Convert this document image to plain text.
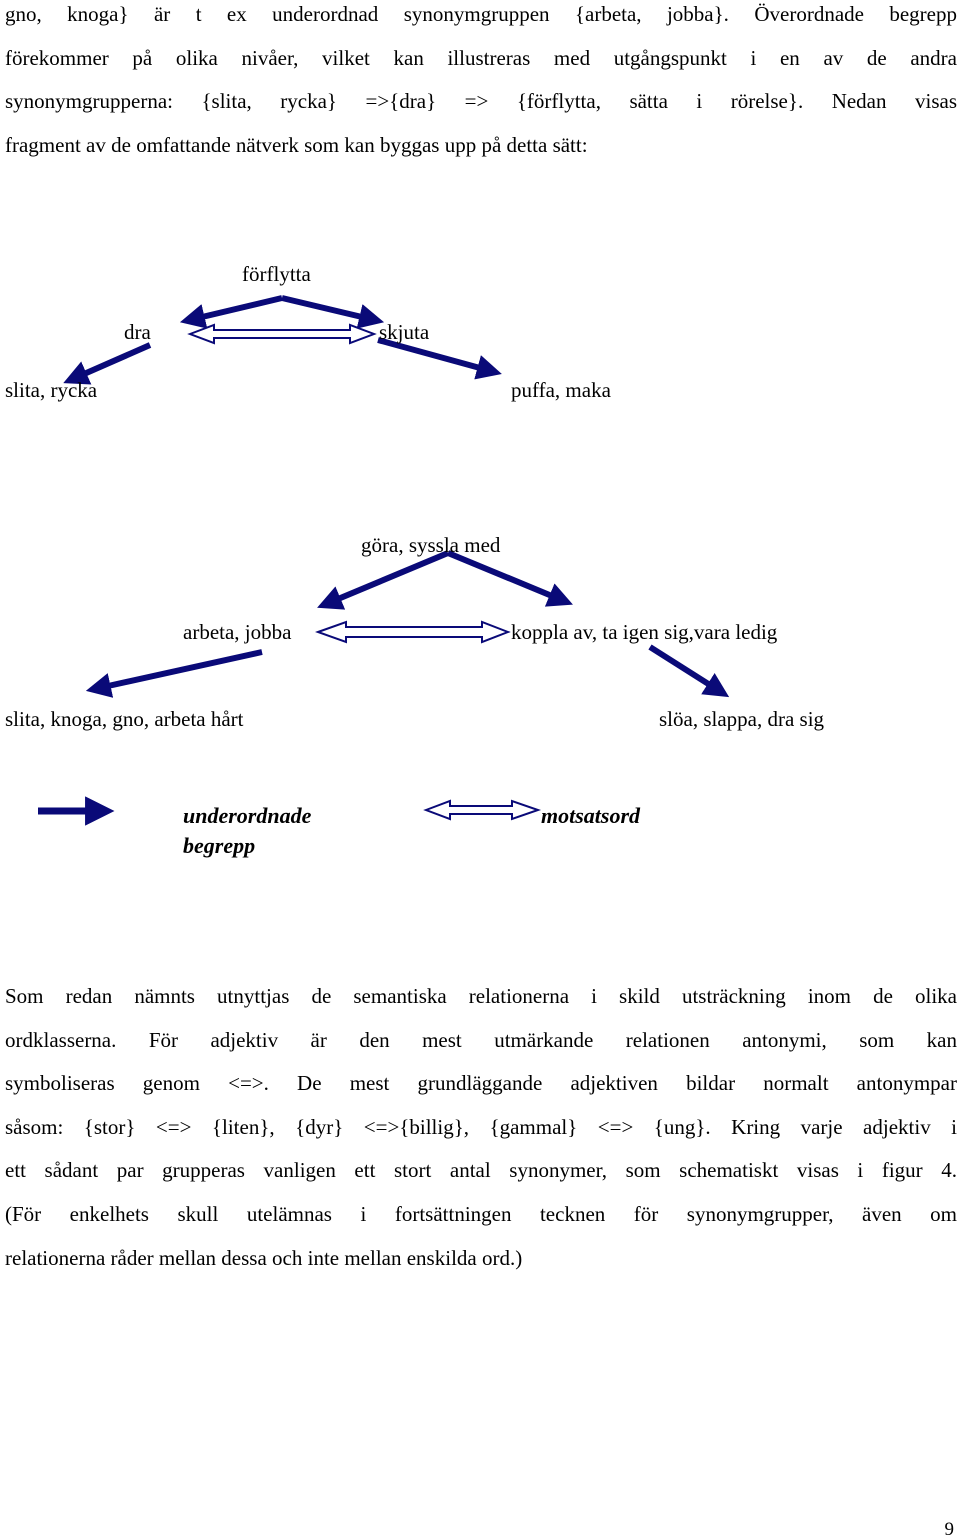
gno, knoga} är t ex underordnad synonymgruppen {arbeta, jobba}. Överordnade begrepp
förekommer på olika nivåer, vilket kan illustreras med utgångspunkt i en av de andra
synonymgrupperna: {slita, rycka} =>{dra} => {förflytta, sätta i rörelse}. Nedan visas
fragment av de omfattande nätverk som kan byggas upp på detta sätt:
förflytta
dra	skjuta
slita, rycka	puffa, maka
göra, syssla med
arbeta, jobba	koppla av, ta igen sig,vara ledig
slita, knoga, gno, arbeta hårt	slöa, slappa, dra sig
underordnade
begrepp
motsatsord
Som redan nämnts utnyttjas de semantiska relationerna i skild utsträckning inom de olika
ordklasserna. För adjektiv är den mest utmärkande relationen antonymi, som kan
symboliseras genom <=>. De mest grundläggande adjektiven bildar normalt antonympar
såsom: {stor} <=> {liten}, {dyr} <=>{billig}, {gammal} <=> {ung}. Kring varje adjektiv i
ett sådant par grupperas vanligen ett stort antal synonymer, som schematiskt visas i figur 4.
(För enkelhets skull utelämnas i fortsättningen tecknen för synonymgrupper, även om
relationerna råder mellan dessa och inte mellan enskilda ord.)
9
